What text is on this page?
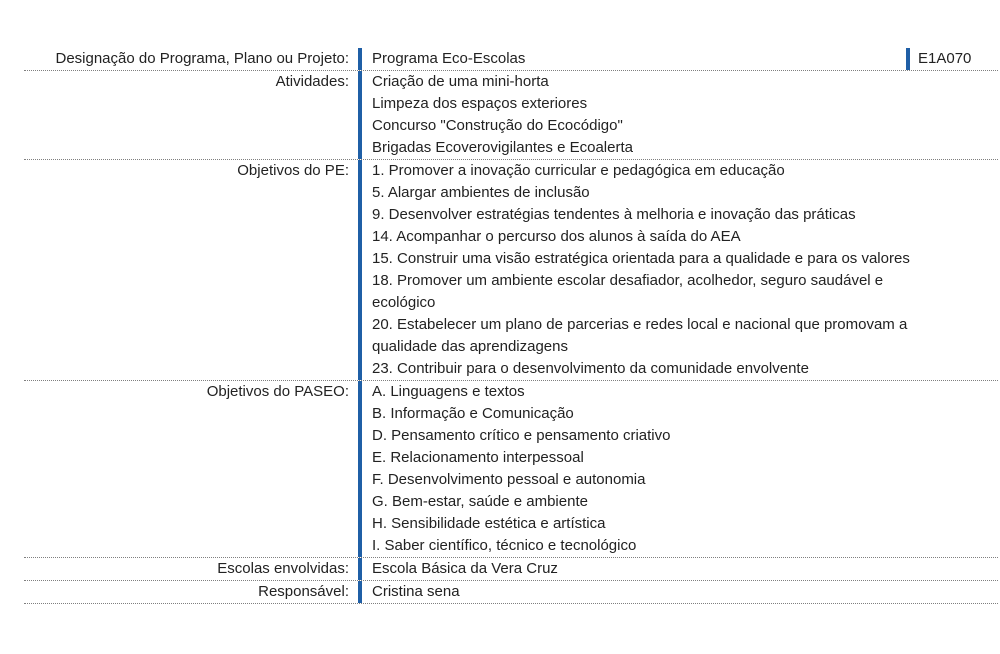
Designação do Programa, Plano ou Projeto:	Programa Eco-Escolas	E1A070
Atividades:	Criação de uma mini-horta
Limpeza dos espaços exteriores
Concurso "Construção do Ecocódigo"
Brigadas Ecoverovigilantes e Ecoalerta
Objetivos do PE:	1. Promover a inovação curricular e pedagógica em educação
5. Alargar ambientes de inclusão
9. Desenvolver estratégias tendentes à melhoria e inovação das práticas
14. Acompanhar o percurso dos alunos à saída do AEA
15. Construir uma visão estratégica orientada para a qualidade e para os valores
18. Promover um ambiente escolar desafiador, acolhedor, seguro saudável e
ecológico
20. Estabelecer um plano de parcerias e redes local e nacional que promovam a
qualidade das aprendizagens
23. Contribuir para o desenvolvimento da comunidade envolvente
Objetivos do PASEO:	A. Linguagens e textos
B. Informação e Comunicação
D. Pensamento crítico e pensamento criativo
E. Relacionamento interpessoal
F. Desenvolvimento pessoal e autonomia
G. Bem-estar, saúde e ambiente
H. Sensibilidade estética e artística
I. Saber científico, técnico e tecnológico
Escolas envolvidas:	Escola Básica da Vera Cruz
Responsável:	Cristina sena
